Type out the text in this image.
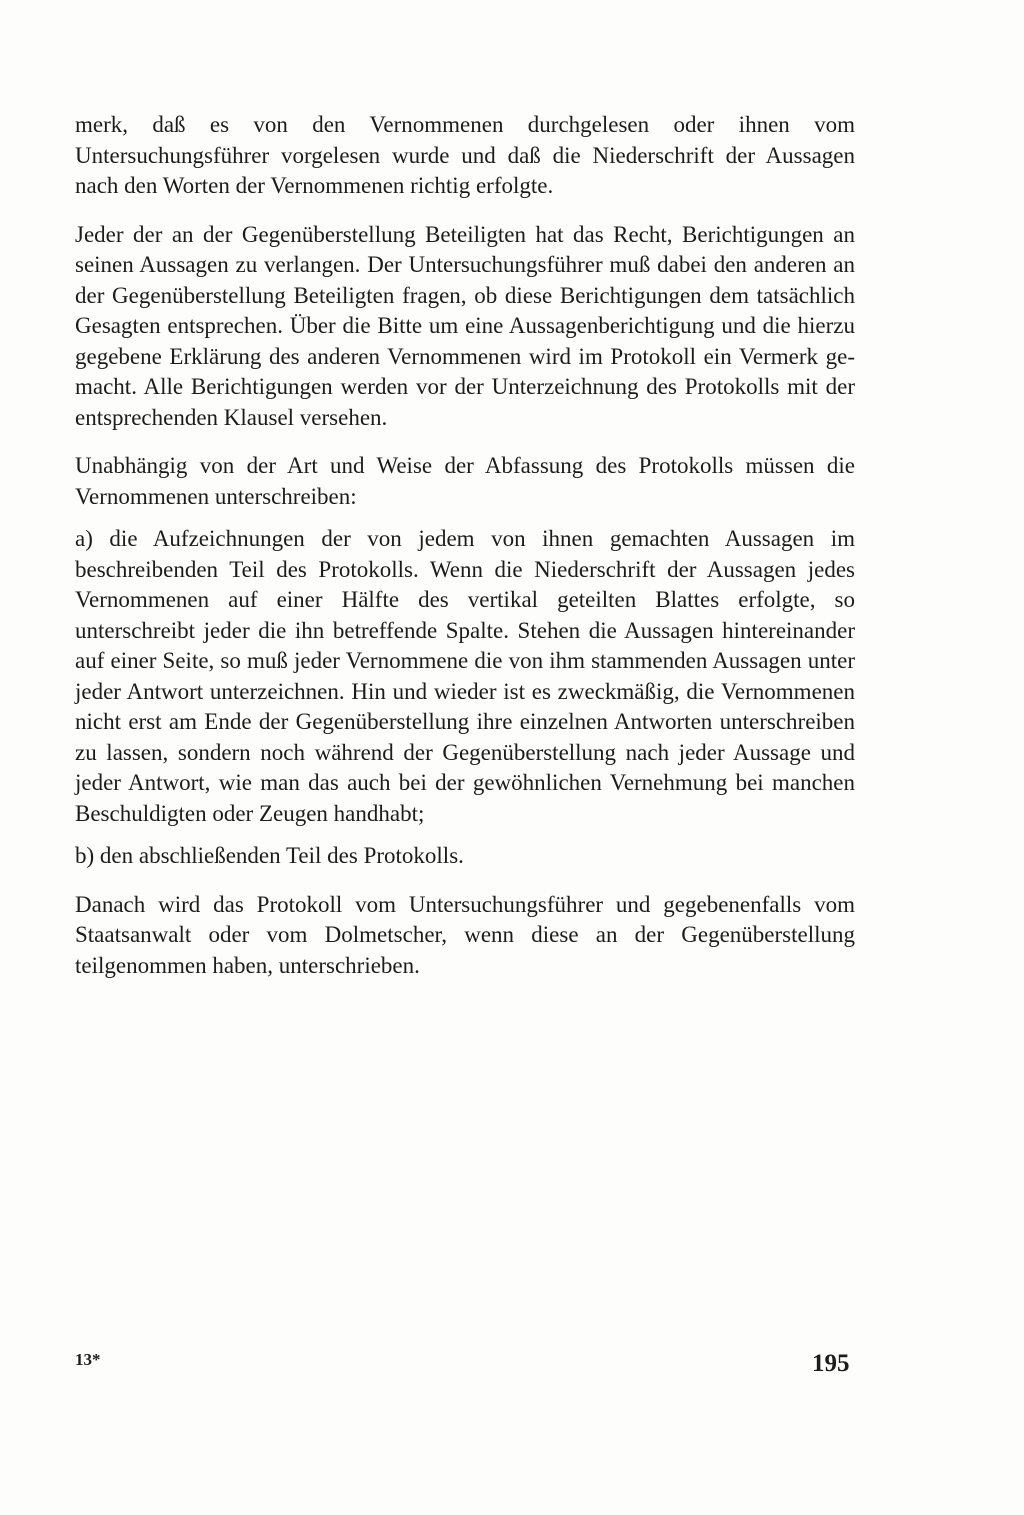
merk, daß es von den Vernommenen durchgelesen oder ihnen vom Untersuchungsführer vorgelesen wurde und daß die Niederschrift der Aussagen nach den Worten der Vernommenen richtig erfolgte.

Jeder der an der Gegenüberstellung Beteiligten hat das Recht, Berichtigungen an seinen Aussagen zu verlangen. Der Untersuchungsführer muß dabei den anderen an der Gegenüberstellung Beteiligten fragen, ob diese Berichtigungen dem tatsächlich Gesagten entsprechen. Über die Bitte um eine Aussagenberichtigung und die hierzu gegebene Erklärung des anderen Vernommenen wird im Protokoll ein Vermerk gemacht. Alle Berichtigungen werden vor der Unterzeichnung des Protokolls mit der entsprechenden Klausel versehen.

Unabhängig von der Art und Weise der Abfassung des Protokolls müssen die Vernommenen unterschreiben:

a) die Aufzeichnungen der von jedem von ihnen gemachten Aussagen im beschreibenden Teil des Protokolls. Wenn die Niederschrift der Aussagen jedes Vernommenen auf einer Hälfte des vertikal geteilten Blattes erfolgte, so unterschreibt jeder die ihn betreffende Spalte. Stehen die Aussagen hintereinander auf einer Seite, so muß jeder Vernommene die von ihm stammenden Aussagen unter jeder Antwort unterzeichnen. Hin und wieder ist es zweckmäßig, die Vernommenen nicht erst am Ende der Gegenüberstellung ihre einzelnen Antworten unterschreiben zu lassen, sondern noch während der Gegenüberstellung nach jeder Aussage und jeder Antwort, wie man das auch bei der gewöhnlichen Vernehmung bei manchen Beschuldigten oder Zeugen handhabt;

b) den abschließenden Teil des Protokolls.

Danach wird das Protokoll vom Untersuchungsführer und gegebenenfalls vom Staatsanwalt oder vom Dolmetscher, wenn diese an der Gegenüberstellung teilgenommen haben, unterschrieben.

13*	195
